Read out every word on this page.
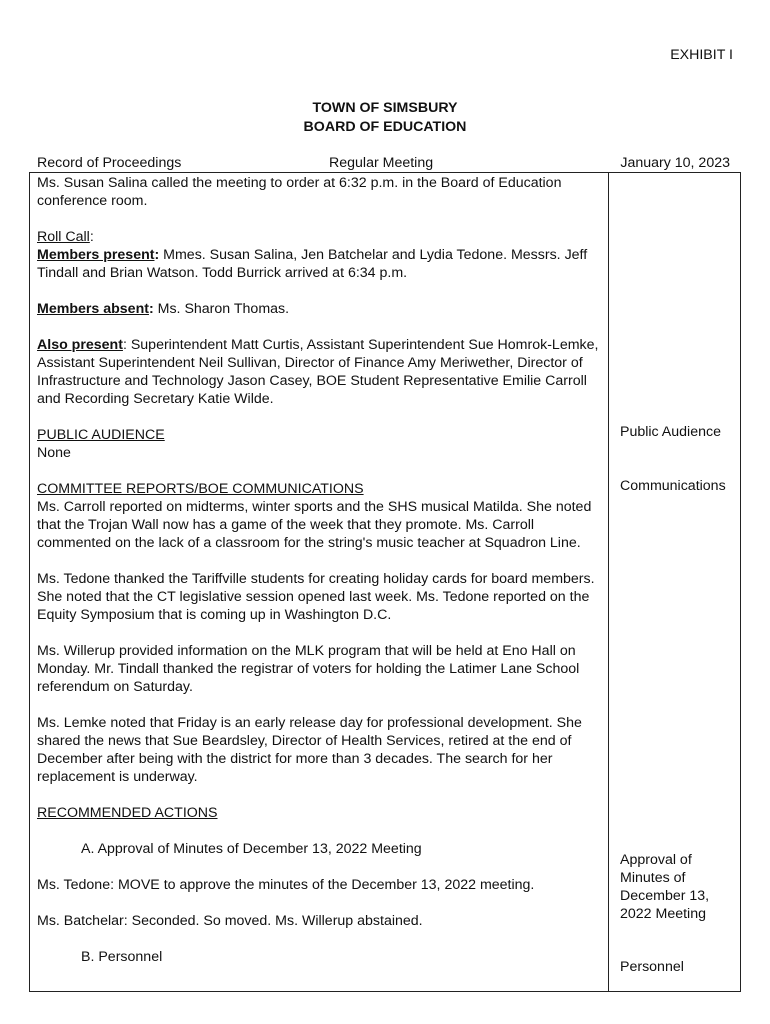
EXHIBIT I
TOWN OF SIMSBURY
BOARD OF EDUCATION
Record of Proceedings	Regular Meeting	January 10, 2023

Ms. Susan Salina called the meeting to order at 6:32 p.m. in the Board of Education conference room.

Roll Call:

Members present: Mmes. Susan Salina, Jen Batchelar and Lydia Tedone. Messrs. Jeff Tindall and Brian Watson. Todd Burrick arrived at 6:34 p.m.

Members absent: Ms. Sharon Thomas.

Also present: Superintendent Matt Curtis, Assistant Superintendent Sue Homrok-Lemke, Assistant Superintendent Neil Sullivan, Director of Finance Amy Meriwether, Director of Infrastructure and Technology Jason Casey, BOE Student Representative Emilie Carroll and Recording Secretary Katie Wilde.

PUBLIC AUDIENCE

None

COMMITTEE REPORTS/BOE COMMUNICATIONS

Ms. Carroll reported on midterms, winter sports and the SHS musical Matilda. She noted that the Trojan Wall now has a game of the week that they promote. Ms. Carroll commented on the lack of a classroom for the string's music teacher at Squadron Line.

Ms. Tedone thanked the Tariffville students for creating holiday cards for board members. She noted that the CT legislative session opened last week. Ms. Tedone reported on the Equity Symposium that is coming up in Washington D.C.

Ms. Willerup provided information on the MLK program that will be held at Eno Hall on Monday. Mr. Tindall thanked the registrar of voters for holding the Latimer Lane School referendum on Saturday.

Ms. Lemke noted that Friday is an early release day for professional development. She shared the news that Sue Beardsley, Director of Health Services, retired at the end of December after being with the district for more than 3 decades. The search for her replacement is underway.

RECOMMENDED ACTIONS

A. Approval of Minutes of December 13, 2022 Meeting

Ms. Tedone: MOVE to approve the minutes of the December 13, 2022 meeting.

Ms. Batchelar: Seconded. So moved. Ms. Willerup abstained.

B. Personnel

Public Audience
Communications
Approval of Minutes of December 13, 2022 Meeting
Personnel
